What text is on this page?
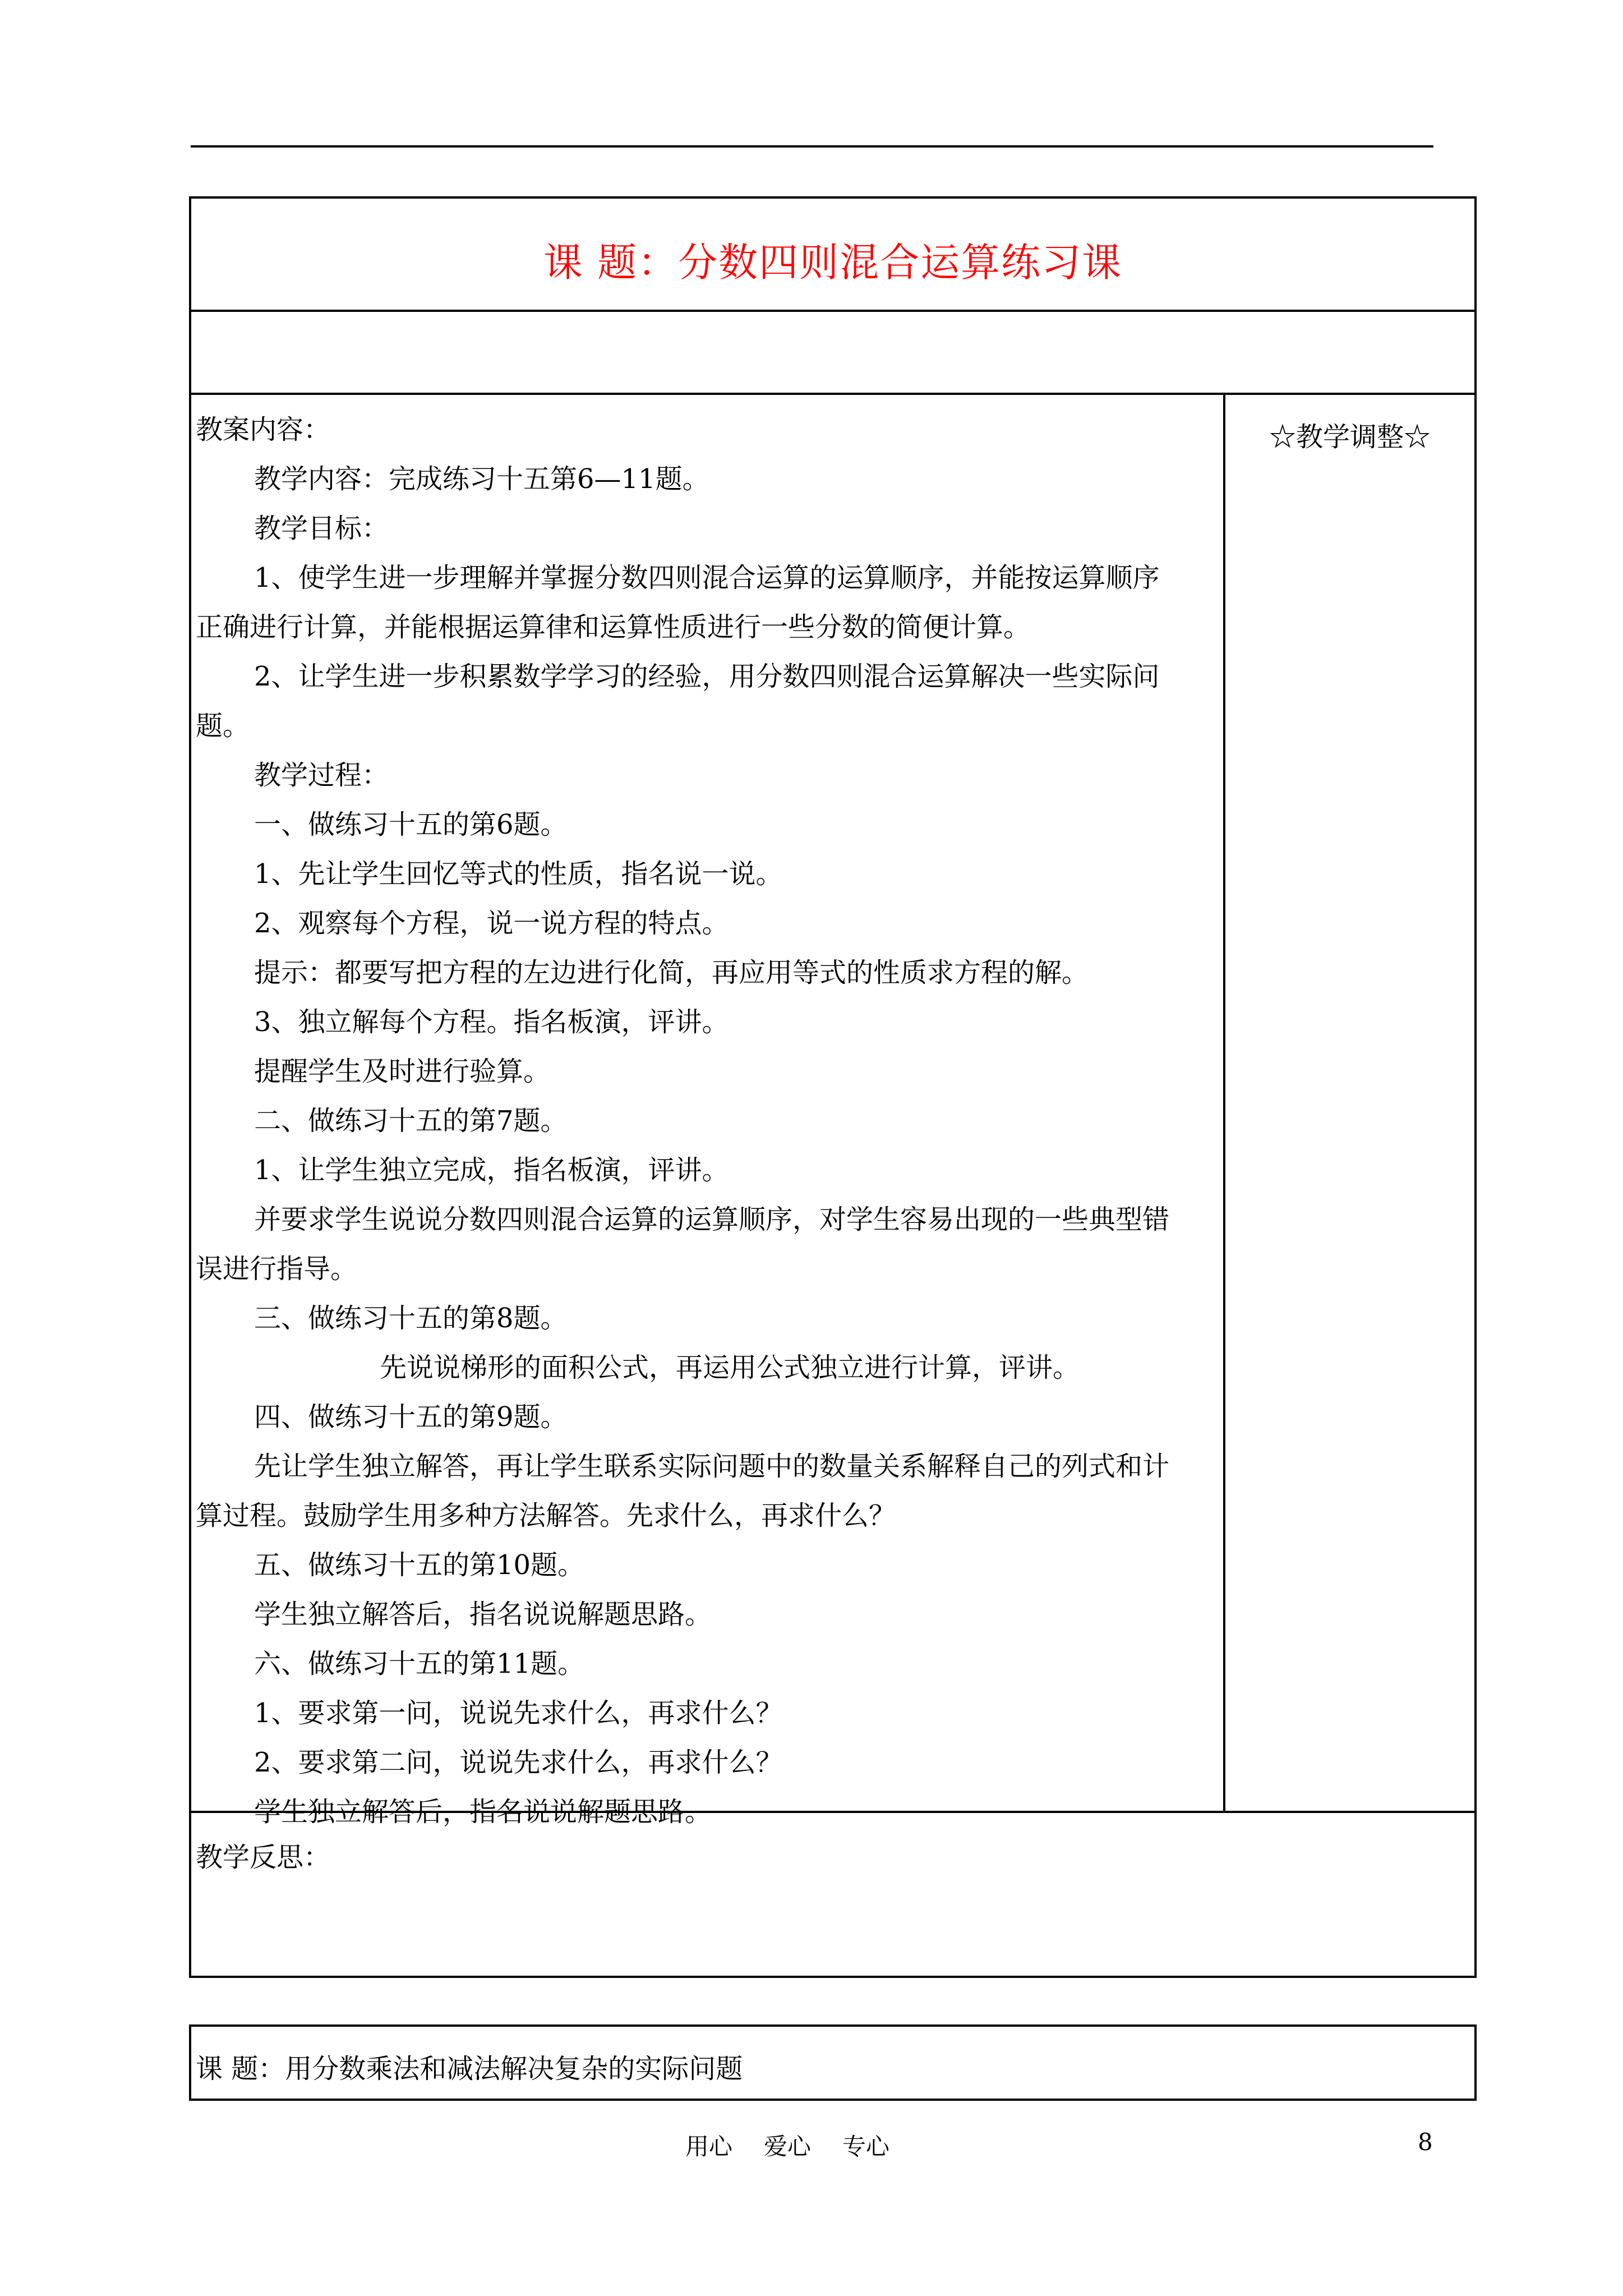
课 题：分数四则混合运算练习课
教案内容：
教学内容：完成练习十五第6—11题。
教学目标：
1、使学生进一步理解并掌握分数四则混合运算的运算顺序，并能按运算顺序
正确进行计算，并能根据运算律和运算性质进行一些分数的简便计算。
2、让学生进一步积累数学学习的经验，用分数四则混合运算解决一些实际问
题。
教学过程：
一、做练习十五的第6题。
1、先让学生回忆等式的性质，指名说一说。
2、观察每个方程，说一说方程的特点。
提示：都要写把方程的左边进行化简，再应用等式的性质求方程的解。
3、独立解每个方程。指名板演，评讲。
提醒学生及时进行验算。
二、做练习十五的第7题。
1、让学生独立完成，指名板演，评讲。
并要求学生说说分数四则混合运算的运算顺序，对学生容易出现的一些典型错
误进行指导。
三、做练习十五的第8题。
先说说梯形的面积公式，再运用公式独立进行计算，评讲。
四、做练习十五的第9题。
先让学生独立解答，再让学生联系实际问题中的数量关系解释自己的列式和计
算过程。鼓励学生用多种方法解答。先求什么，再求什么？
五、做练习十五的第10题。
学生独立解答后，指名说说解题思路。
六、做练习十五的第11题。
1、要求第一问，说说先求什么，再求什么？
2、要求第二问，说说先求什么，再求什么？
学生独立解答后，指名说说解题思路。
☆教学调整☆
教学反思：
课 题：用分数乘法和减法解决复杂的实际问题
用心 爱心 专心	8
